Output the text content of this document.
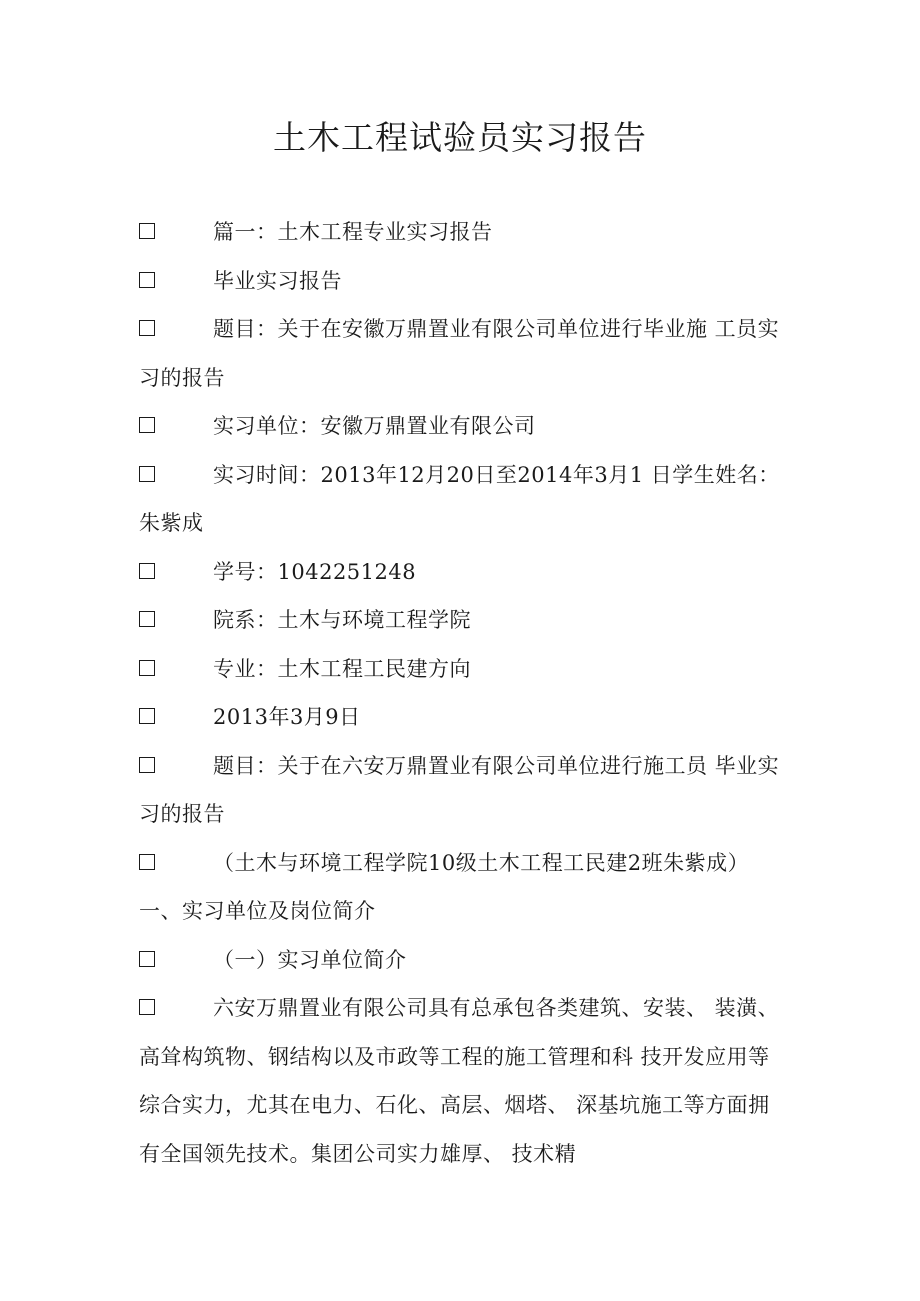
土木工程试验员实习报告

篇一：土木工程专业实习报告

毕业实习报告

题目：关于在安徽万鼎置业有限公司单位进行毕业施 工员实习的报告

实习单位：安徽万鼎置业有限公司

实习时间：2013年12月20日至2014年3月1 日学生姓名：朱紫成

学号：1042251248

院系：土木与环境工程学院

专业：土木工程工民建方向

2013年3月9日

题目：关于在六安万鼎置业有限公司单位进行施工员 毕业实习的报告

（土木与环境工程学院10级土木工程工民建2班朱紫成）一、实习单位及岗位简介

（一）实习单位简介

六安万鼎置业有限公司具有总承包各类建筑、安装、 装潢、高耸构筑物、钢结构以及市政等工程的施工管理和科 技开发应用等综合实力，尤其在电力、石化、高层、烟塔、 深基坑施工等方面拥有全国领先技术。集团公司实力雄厚、 技术精
